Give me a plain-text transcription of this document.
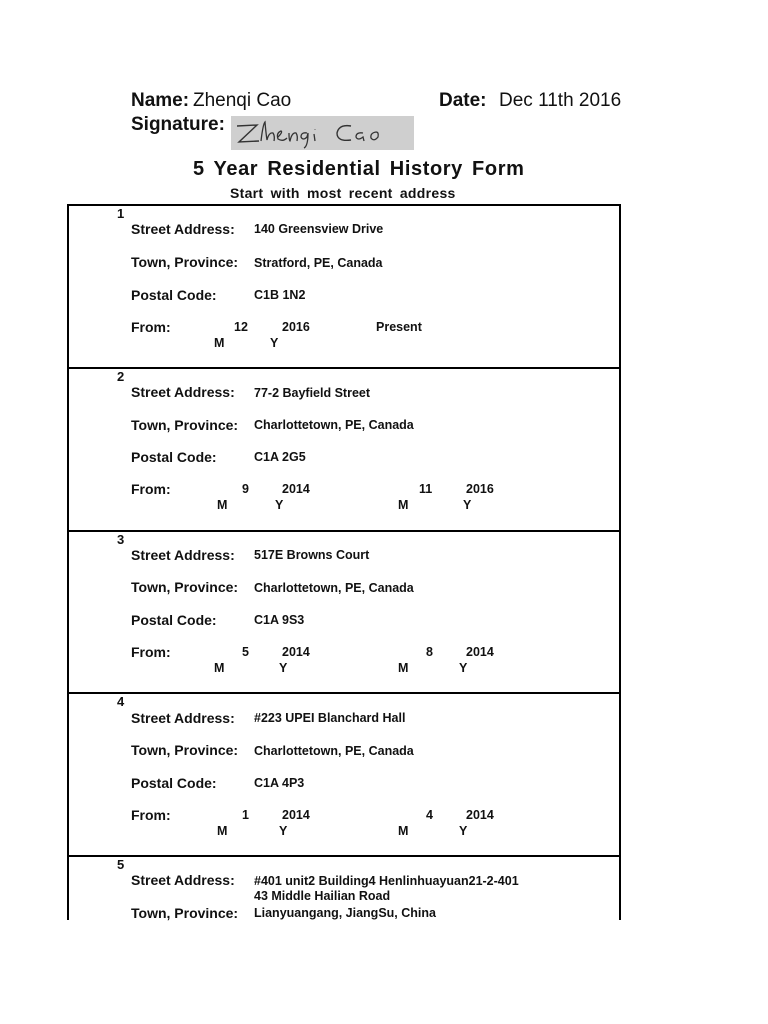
Name: Zhenqi Cao	Date: Dec 11th 2016
Signature:
5 Year Residential History Form
Start with most recent address
1
Street Address: 140 Greensview Drive
Town, Province: Stratford, PE, Canada
Postal Code:	C1B 1N2
From:	12	2016	Present
M	Y
2
Street Address: 77-2 Bayfield Street
Town, Province: Charlottetown, PE, Canada
Postal Code:	C1A 2G5
From:	9	2014	11	2016
M	Y	M	Y
3
Street Address: 517E Browns Court
Town, Province: Charlottetown, PE, Canada
Postal Code:	C1A 9S3
From:	5	2014	8	2014
M	Y	M	Y
4
Street Address: #223 UPEI Blanchard Hall
Town, Province: Charlottetown, PE, Canada
Postal Code:	C1A 4P3
From:	1	2014	4	2014
M	Y	M	Y
5
Street Address: #401 unit2 Building4 Henlinhuayuan21-2-401
43 Middle Hailian Road
Town, Province: Lianyuangang, JiangSu, China
